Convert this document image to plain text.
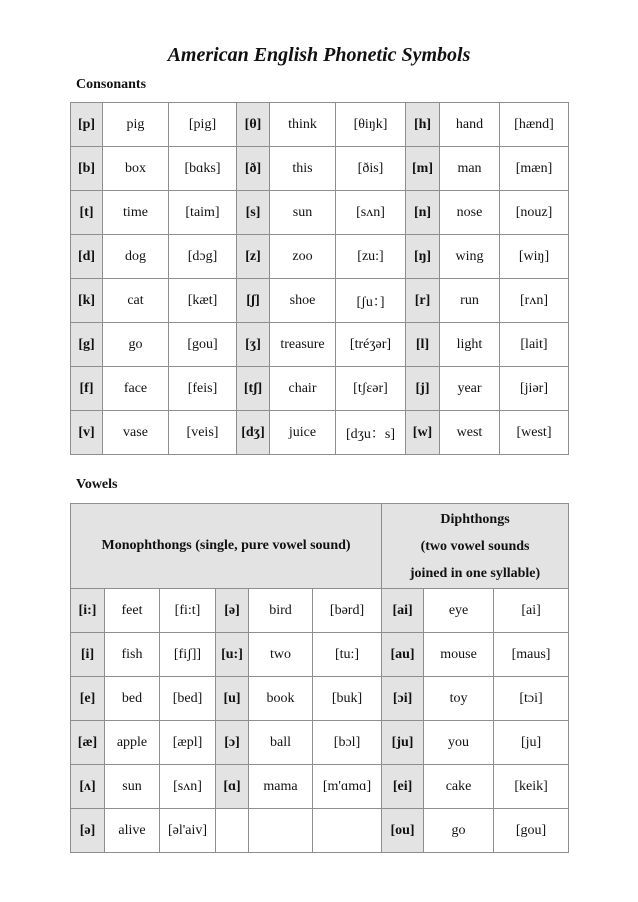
American English Phonetic Symbols
Consonants
[p]	pig	[pig]	[θ]	think	[θiŋk]	[h]	hand	[hænd]
[b]	box	[bɑks]	[ð]	this	[ðis]	[m]	man	[mæn]
[t]	time	[taim]	[s]	sun	[sʌn]	[n]	nose	[nouz]
[d]	dog	[dɔg]	[z]	zoo	[zu:]	[ŋ]	wing	[wiŋ]
[k]	cat	[kæt]	[ʃ]	shoe	[ʃu：]	[r]	run	[rʌn]
[g]	go	[gou]	[ʒ]	treasure	[tréʒər]	[l]	light	[lait]
[f]	face	[feis]	[tʃ]	chair	[tʃεər]	[j]	year	[jiər]
[v]	vase	[veis]	[dʒ]	juice	[dʒu：s]	[w]	west	[west]
Vowels
Monophthongs (single, pure vowel sound)						Diphthongs
(two vowel sounds
joined in one syllable)		

[i:]	feet	[fi:t]	[ə]	bird	[bərd]	[ai]	eye	[ai]
[i]	fish	[fiʃ]]	[u:]	two	[tu:]	[au]	mouse	[maus]
[e]	bed	[bed]	[u]	book	[buk]	[ɔi]	toy	[tɔi]
[æ]	apple	[æpl]	[ɔ]	ball	[bɔl]	[ju]	you	[ju]
[ʌ]	sun	[sʌn]	[ɑ]	mama	[m'ɑmɑ]	[ei]	cake	[keik]
[ə]	alive	[əl'aiv]				[ou]	go	[gou]
